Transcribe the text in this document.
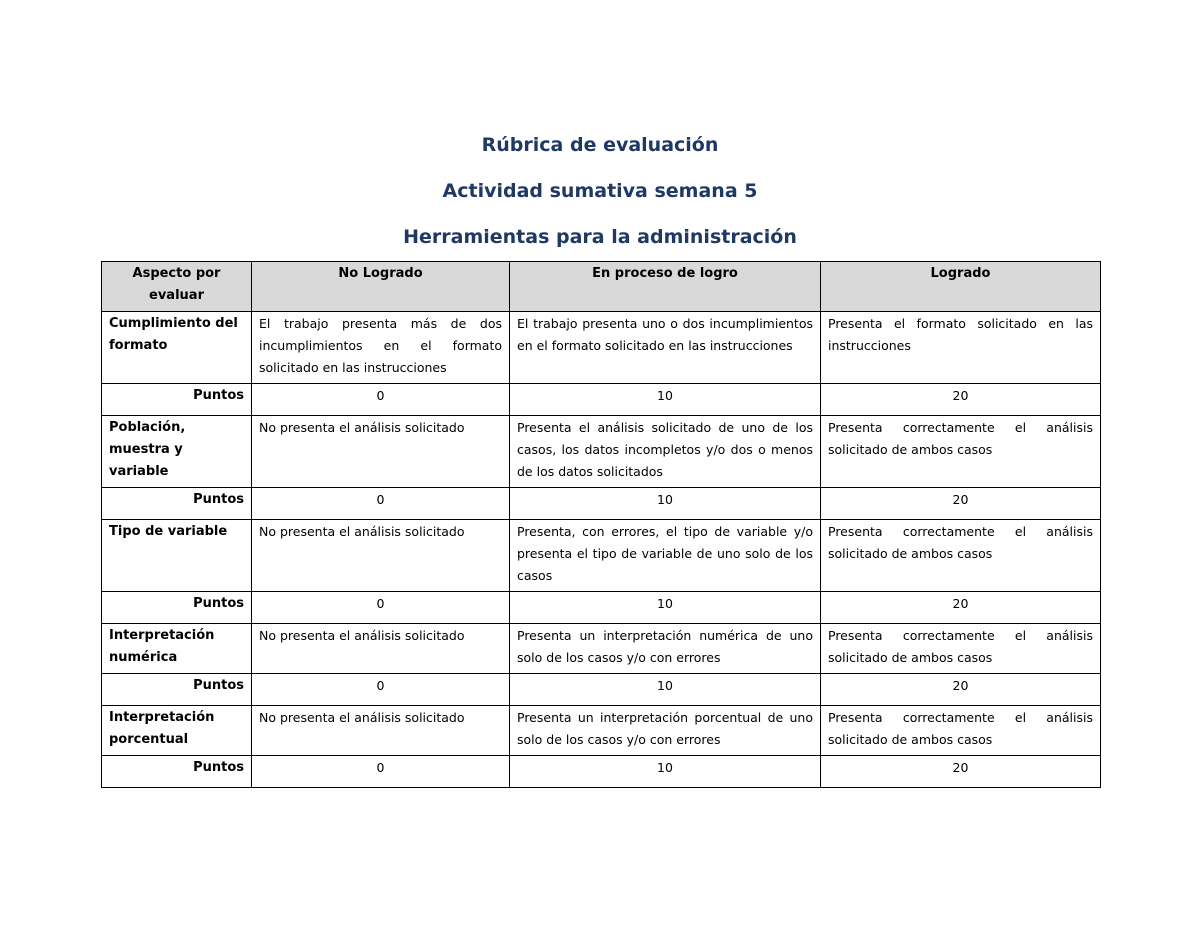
Rúbrica de evaluación

Actividad sumativa semana 5

Herramientas para la administración

Aspecto por evaluar	No Logrado	En proceso de logro	Logrado
Cumplimiento del formato	El trabajo presenta más de dos incumplimientos en el formato solicitado en las instrucciones	El trabajo presenta uno o dos incumplimientos en el formato solicitado en las instrucciones	Presenta el formato solicitado en las instrucciones
Puntos	0	10	20
Población, muestra y variable	No presenta el análisis solicitado	Presenta el análisis solicitado de uno de los casos, los datos incompletos y/o dos o menos de los datos solicitados	Presenta correctamente el análisis solicitado de ambos casos
Puntos	0	10	20
Tipo de variable	No presenta el análisis solicitado	Presenta, con errores, el tipo de variable y/o presenta el tipo de variable de uno solo de los casos	Presenta correctamente el análisis solicitado de ambos casos
Puntos	0	10	20
Interpretación numérica	No presenta el análisis solicitado	Presenta un interpretación numérica de uno solo de los casos y/o con errores	Presenta correctamente el análisis solicitado de ambos casos
Puntos	0	10	20
Interpretación porcentual	No presenta el análisis solicitado	Presenta un interpretación porcentual de uno solo de los casos y/o con errores	Presenta correctamente el análisis solicitado de ambos casos
Puntos	0	10	20
